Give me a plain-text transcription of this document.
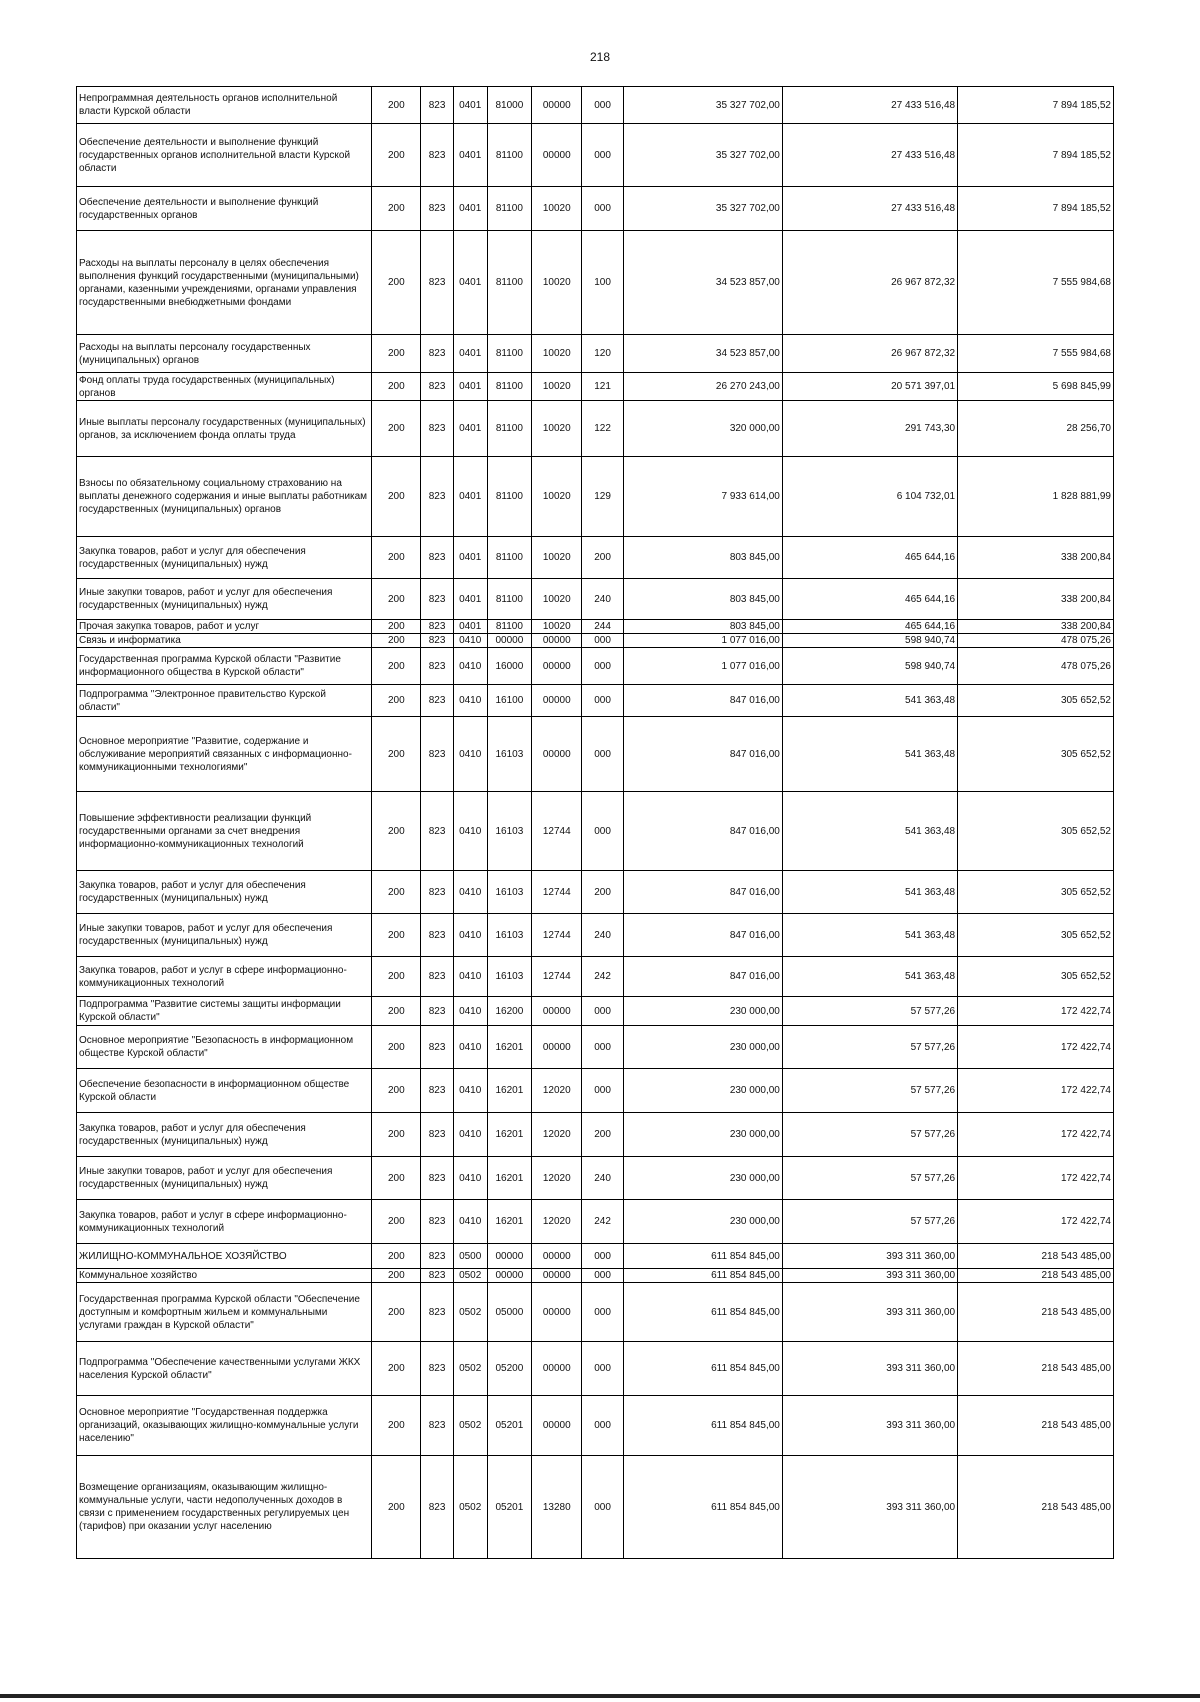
218
Непрограммная деятельность органов исполнительной власти Курской области	200	823	0401	81000	00000	000	35 327 702,00	27 433 516,48	7 894 185,52
Обеспечение деятельности и выполнение функций государственных органов исполнительной власти Курской области	200	823	0401	81100	00000	000	35 327 702,00	27 433 516,48	7 894 185,52
Обеспечение деятельности и выполнение функций государственных органов	200	823	0401	81100	10020	000	35 327 702,00	27 433 516,48	7 894 185,52
Расходы на выплаты персоналу в целях обеспечения выполнения функций государственными (муниципальными) органами, казенными учреждениями, органами управления государственными внебюджетными фондами	200	823	0401	81100	10020	100	34 523 857,00	26 967 872,32	7 555 984,68
Расходы на выплаты персоналу государственных (муниципальных) органов	200	823	0401	81100	10020	120	34 523 857,00	26 967 872,32	7 555 984,68
Фонд оплаты труда государственных (муниципальных) органов	200	823	0401	81100	10020	121	26 270 243,00	20 571 397,01	5 698 845,99
Иные выплаты персоналу государственных (муниципальных) органов, за исключением фонда оплаты труда	200	823	0401	81100	10020	122	320 000,00	291 743,30	28 256,70
Взносы по обязательному социальному страхованию на выплаты денежного содержания и иные выплаты работникам государственных (муниципальных) органов	200	823	0401	81100	10020	129	7 933 614,00	6 104 732,01	1 828 881,99
Закупка товаров, работ и услуг для обеспечения государственных (муниципальных) нужд	200	823	0401	81100	10020	200	803 845,00	465 644,16	338 200,84
Иные закупки товаров, работ и услуг для обеспечения государственных (муниципальных) нужд	200	823	0401	81100	10020	240	803 845,00	465 644,16	338 200,84
Прочая закупка товаров, работ и услуг	200	823	0401	81100	10020	244	803 845,00	465 644,16	338 200,84
Связь и информатика	200	823	0410	00000	00000	000	1 077 016,00	598 940,74	478 075,26
Государственная программа Курской области "Развитие информационного общества в Курской области"	200	823	0410	16000	00000	000	1 077 016,00	598 940,74	478 075,26
Подпрограмма "Электронное правительство Курской области"	200	823	0410	16100	00000	000	847 016,00	541 363,48	305 652,52
Основное мероприятие "Развитие, содержание и обслуживание мероприятий связанных с информационно-коммуникационными технологиями"	200	823	0410	16103	00000	000	847 016,00	541 363,48	305 652,52
Повышение эффективности реализации функций государственными органами за счет внедрения информационно-коммуникационных технологий	200	823	0410	16103	12744	000	847 016,00	541 363,48	305 652,52
Закупка товаров, работ и услуг для обеспечения государственных (муниципальных) нужд	200	823	0410	16103	12744	200	847 016,00	541 363,48	305 652,52
Иные закупки товаров, работ и услуг для обеспечения государственных (муниципальных) нужд	200	823	0410	16103	12744	240	847 016,00	541 363,48	305 652,52
Закупка товаров, работ и услуг в сфере информационно-коммуникационных технологий	200	823	0410	16103	12744	242	847 016,00	541 363,48	305 652,52
Подпрограмма "Развитие системы защиты информации Курской области"	200	823	0410	16200	00000	000	230 000,00	57 577,26	172 422,74
Основное мероприятие "Безопасность в информационном обществе Курской области"	200	823	0410	16201	00000	000	230 000,00	57 577,26	172 422,74
Обеспечение безопасности в информационном обществе Курской области	200	823	0410	16201	12020	000	230 000,00	57 577,26	172 422,74
Закупка товаров, работ и услуг для обеспечения государственных (муниципальных) нужд	200	823	0410	16201	12020	200	230 000,00	57 577,26	172 422,74
Иные закупки товаров, работ и услуг для обеспечения государственных (муниципальных) нужд	200	823	0410	16201	12020	240	230 000,00	57 577,26	172 422,74
Закупка товаров, работ и услуг в сфере информационно-коммуникационных технологий	200	823	0410	16201	12020	242	230 000,00	57 577,26	172 422,74
ЖИЛИЩНО-КОММУНАЛЬНОЕ ХОЗЯЙСТВО	200	823	0500	00000	00000	000	611 854 845,00	393 311 360,00	218 543 485,00
Коммунальное хозяйство	200	823	0502	00000	00000	000	611 854 845,00	393 311 360,00	218 543 485,00
Государственная программа Курской области "Обеспечение доступным и комфортным жильем и коммунальными услугами граждан в Курской области"	200	823	0502	05000	00000	000	611 854 845,00	393 311 360,00	218 543 485,00
Подпрограмма "Обеспечение качественными услугами ЖКХ населения Курской области"	200	823	0502	05200	00000	000	611 854 845,00	393 311 360,00	218 543 485,00
Основное мероприятие "Государственная поддержка организаций, оказывающих жилищно-коммунальные услуги населению"	200	823	0502	05201	00000	000	611 854 845,00	393 311 360,00	218 543 485,00
Возмещение организациям, оказывающим жилищно-коммунальные услуги, части недополученных доходов в связи с применением государственных регулируемых цен (тарифов) при оказании услуг населению	200	823	0502	05201	13280	000	611 854 845,00	393 311 360,00	218 543 485,00
